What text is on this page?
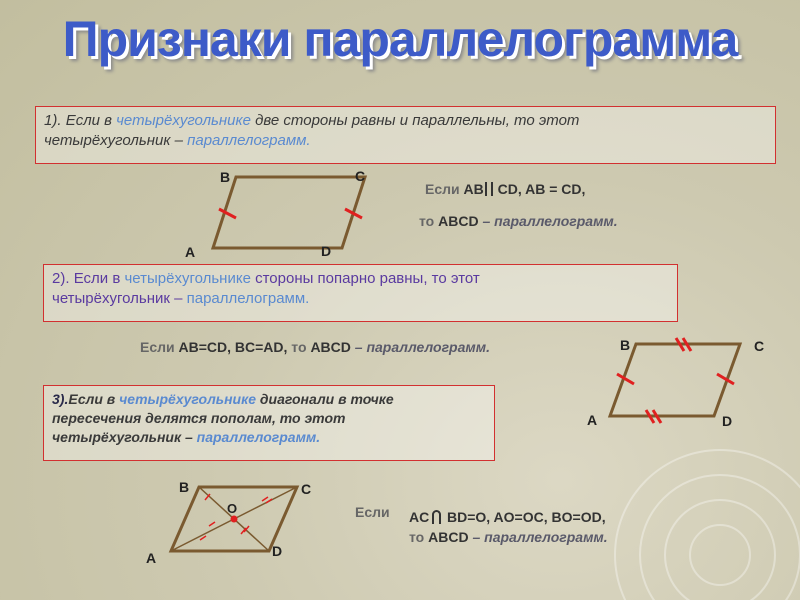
Признаки параллелограмма
1). Если в четырёхугольнике две стороны равны и параллельны, то этот
четырёхугольник – параллелограмм.
2). Если в четырёхугольнике стороны попарно равны, то этот
четырёхугольник – параллелограмм.
3).Если в четырёхугольнике диагонали в точке
пересечения делятся пополам, то этот
четырёхугольник – параллелограмм.
Если AB CD, AB = CD,
то ABCD – параллелограмм.
Если AB=CD, BC=AD, то ABCD – параллелограмм.
Если AC  BD=O, AO=OC, BO=OD,
то ABCD – параллелограмм.
B	C
A	D
B	C
A	D
B	C
A	D
O
